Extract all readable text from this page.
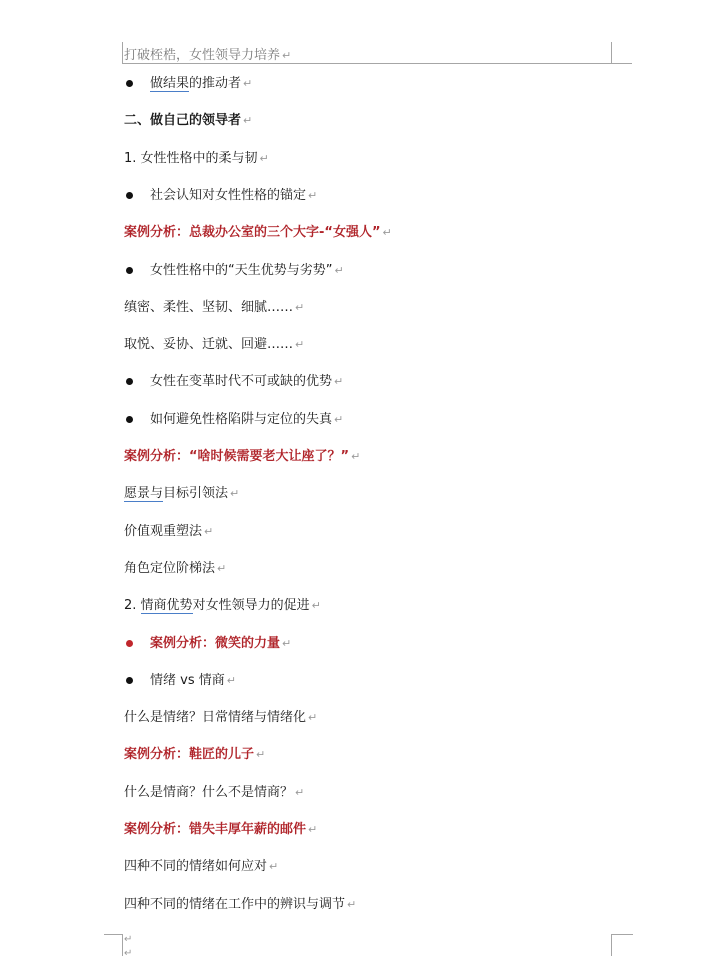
打破桎梏，女性领导力培养 ↵
做结果的推动者 ↵
二、做自己的领导者 ↵
1. 女性性格中的柔与韧 ↵
社会认知对女性性格的锚定 ↵
案例分析：总裁办公室的三个大字-“女强人” ↵
女性性格中的“天生优势与劣势” ↵
缜密、柔性、坚韧、细腻…… ↵
取悦、妥协、迁就、回避…… ↵
女性在变革时代不可或缺的优势 ↵
如何避免性格陷阱与定位的失真 ↵
案例分析：“啥时候需要老大让座了？” ↵
愿景与目标引领法 ↵
价值观重塑法 ↵
角色定位阶梯法 ↵
2. 情商优势对女性领导力的促进 ↵
案例分析：微笑的力量 ↵
情绪 vs 情商 ↵
什么是情绪？日常情绪与情绪化 ↵
案例分析：鞋匠的儿子 ↵
什么是情商？什么不是情商？ ↵
案例分析：错失丰厚年薪的邮件 ↵
四种不同的情绪如何应对 ↵
四种不同的情绪在工作中的辨识与调节 ↵
↵
↵
